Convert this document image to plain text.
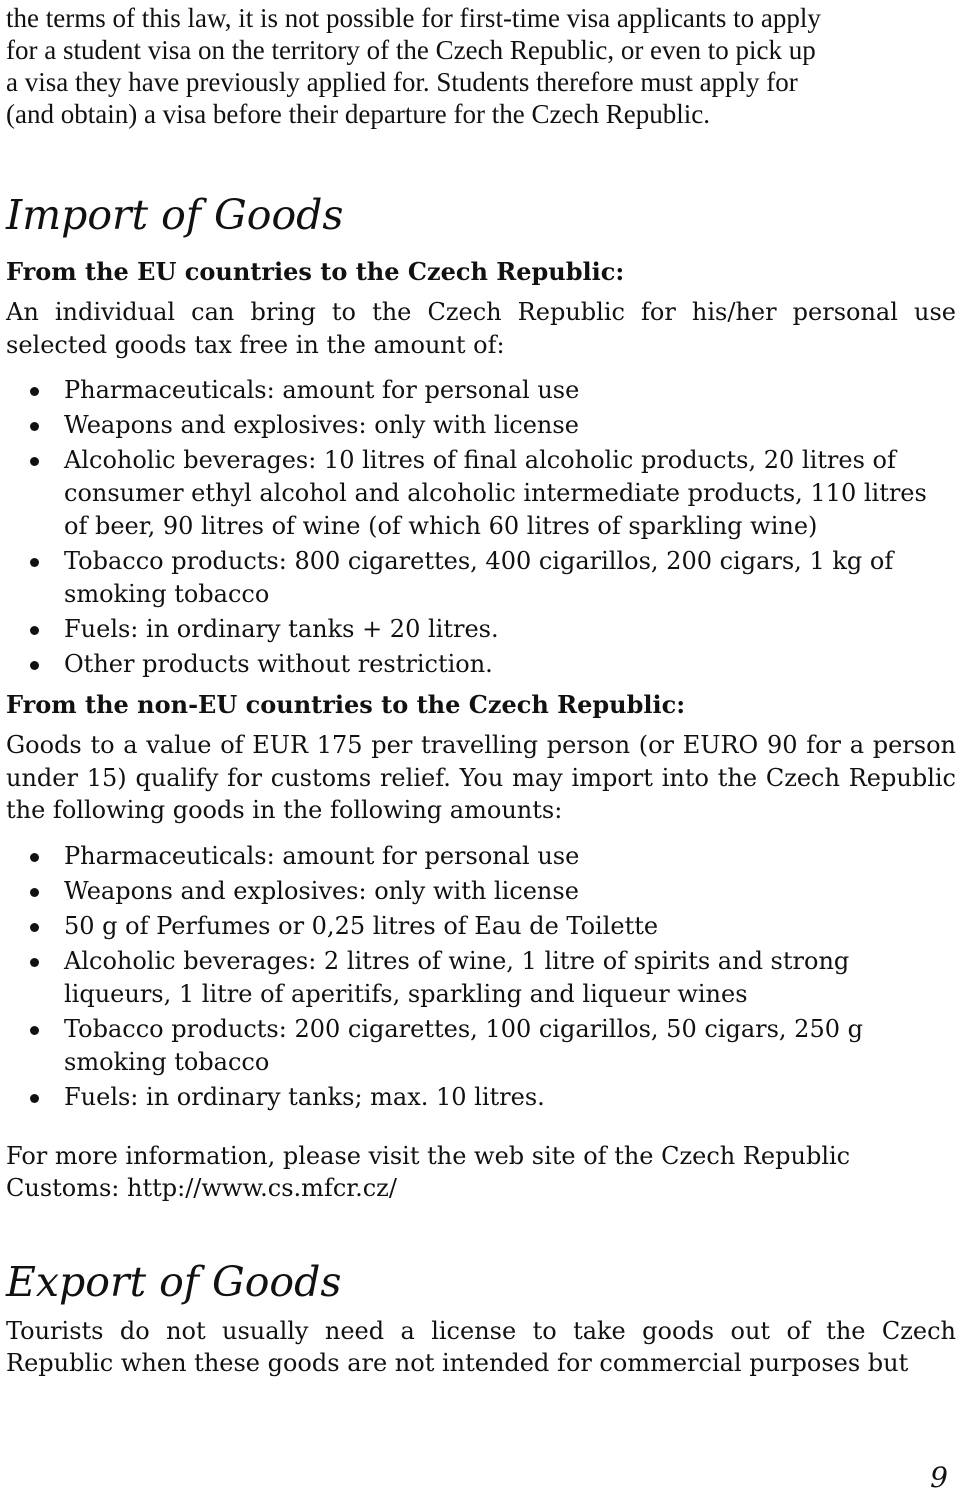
the terms of this law, it is not possible for first-time visa applicants to apply
for a student visa on the territory of the Czech Republic, or even to pick up
a visa they have previously applied for. Students therefore must apply for
(and obtain) a visa before their departure for the Czech Republic.
Import of Goods
From the EU countries to the Czech Republic:

An individual can bring to the Czech Republic for his/her personal use selected goods tax free in the amount of:

Pharmaceuticals: amount for personal use
Weapons and explosives: only with license
Alcoholic beverages: 10 litres of final alcoholic products, 20 litres of consumer ethyl alcohol and alcoholic intermediate products, 110 litres of beer, 90 litres of wine (of which 60 litres of sparkling wine)
Tobacco products: 800 cigarettes, 400 cigarillos, 200 cigars, 1 kg of smoking tobacco
Fuels: in ordinary tanks + 20 litres.
Other products without restriction.
From the non-EU countries to the Czech Republic:

Goods to a value of EUR 175 per travelling person (or EURO 90 for a person under 15) qualify for customs relief. You may import into the Czech Republic the following goods in the following amounts:

Pharmaceuticals: amount for personal use
Weapons and explosives: only with license
50 g of Perfumes or 0,25 litres of Eau de Toilette
Alcoholic beverages: 2 litres of wine, 1 litre of spirits and strong liqueurs, 1 litre of aperitifs, sparkling and liqueur wines
Tobacco products: 200 cigarettes, 100 cigarillos, 50 cigars, 250 g smoking tobacco
Fuels: in ordinary tanks; max. 10 litres.

For more information, please visit the web site of the Czech Republic Customs: http://www.cs.mfcr.cz/

Export of Goods

Tourists do not usually need a license to take goods out of the Czech Republic when these goods are not intended for commercial purposes but

9
